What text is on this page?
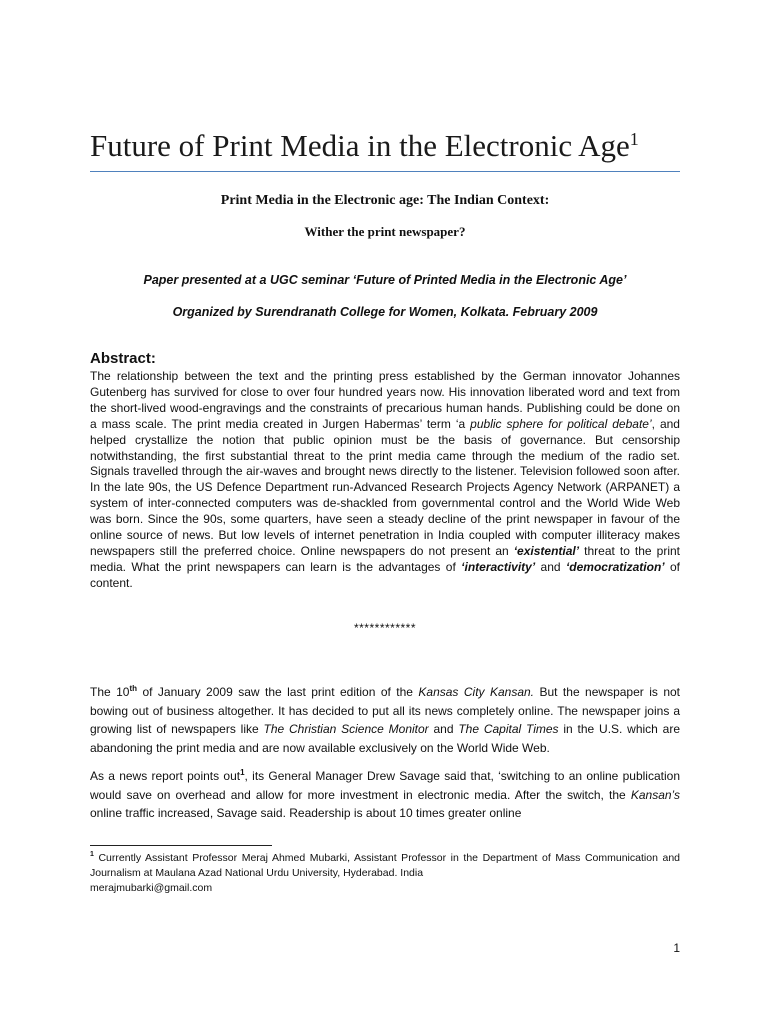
Future of Print Media in the Electronic Age$^1$
Print Media in the Electronic age: The Indian Context:
Wither the print newspaper?
Paper presented at a UGC seminar ‘Future of Printed Media in the Electronic Age’
Organized by Surendranath College for Women, Kolkata. February 2009
Abstract:

The relationship between the text and the printing press established by the German innovator Johannes Gutenberg has survived for close to over four hundred years now. His innovation liberated word and text from the short-lived wood-engravings and the constraints of precarious human hands. Publishing could be done on a mass scale. The print media created in Jurgen Habermas’ term ‘a public sphere for political debate’, and helped crystallize the notion that public opinion must be the basis of governance. But censorship notwithstanding, the first substantial threat to the print media came through the medium of the radio set. Signals travelled through the air-waves and brought news directly to the listener. Television followed soon after. In the late 90s, the US Defence Department run-Advanced Research Projects Agency Network (ARPANET) a system of inter-connected computers was de-shackled from governmental control and the World Wide Web was born. Since the 90s, some quarters, have seen a steady decline of the print newspaper in favour of the online source of news. But low levels of internet penetration in India coupled with computer illiteracy makes newspapers still the preferred choice. Online newspapers do not present an ‘existential’ threat to the print media. What the print newspapers can learn is the advantages of ‘interactivity’ and ‘democratization’ of content.

************

The 10th of January 2009 saw the last print edition of the Kansas City Kansan. But the newspaper is not bowing out of business altogether. It has decided to put all its news completely online. The newspaper joins a growing list of newspapers like The Christian Science Monitor and The Capital Times in the U.S. which are abandoning the print media and are now available exclusively on the World Wide Web.

As a news report points out$^1$, its General Manager Drew Savage said that, ‘switching to an online publication would save on overhead and allow for more investment in electronic media. After the switch, the Kansan’s online traffic increased, Savage said. Readership is about 10 times greater online

$^1$ Currently Assistant Professor Meraj Ahmed Mubarki, Assistant Professor in the Department of Mass Communication and Journalism at Maulana Azad National Urdu University, Hyderabad. India
merajmubarki@gmail.com
1
